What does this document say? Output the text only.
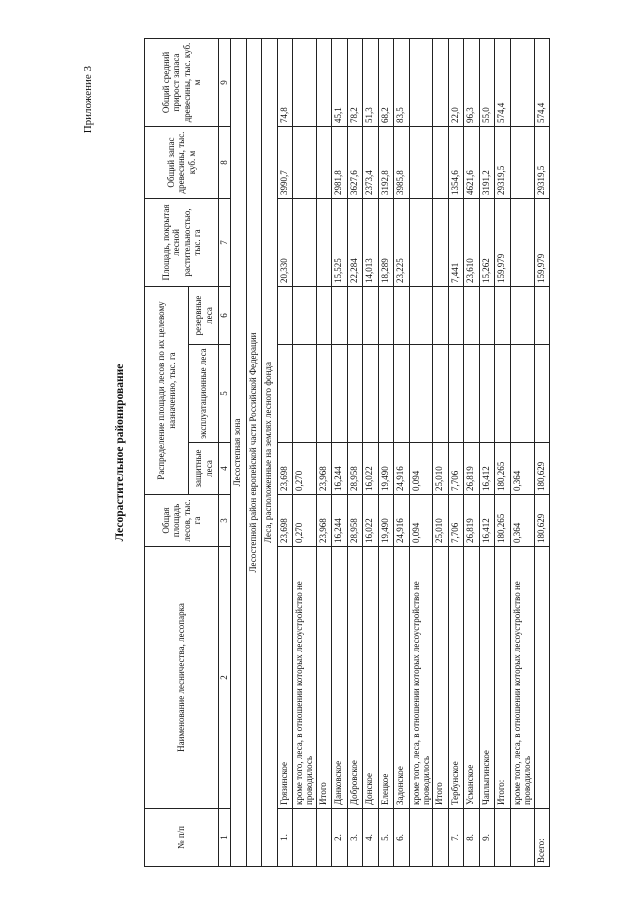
Приложение 3
Лесорастительное районирование
№ п/п	Наименование лесничества, лесопарка	Общая площадь лесов, тыс. га	Распределение площади лесов по их целевому назначению, тыс. га			Площадь, покрытая лесной растительностью, тыс. га	Общий запас древесины, тыс. куб. м	Общий средний прирост запаса древесины, тыс. куб. м
			защитные леса	эксплуатационные леса	резервные леса			
1	2	3	4	5	6	7	8	9
Лесостепная зона								
Лесостепной район европейской части Российской Федерации								
Леса, расположенные на землях лесного фонда								
1.	Грязинское	23,698	23,698			20,330	3990,7	74,8
	кроме того, леса, в отношении которых лесоустройство не проводилось	0,270	0,270					
	Итого	23,968	23,968					
2.	Данковское	16,244	16,244			15,525	2981,8	45,1
3.	Добровское	28,958	28,958			22,284	3627,6	78,2
4.	Донское	16,022	16,022			14,013	2373,4	51,3
5.	Елецкое	19,490	19,490			18,289	3192,8	68,2
6.	Задонское	24,916	24,916			23,225	3985,8	83,5
	кроме того, леса, в отношении которых лесоустройство не проводилось	0,094	0,094					
	Итого	25,010	25,010					
7.	Тербунское	7,706	7,706			7,441	1354,6	22,0
8.	Усманское	26,819	26,819			23,610	4621,6	96,3
9.	Чаплыгинское	16,412	16,412			15,262	3191,2	55,0
	Итого:	180,265	180,265			159,979	29319,5	574,4
	кроме того, леса, в отношении которых лесоустройство не проводилось	0,364	0,364					
Всего:		180,629	180,629			159,979	29319,5	574,4
